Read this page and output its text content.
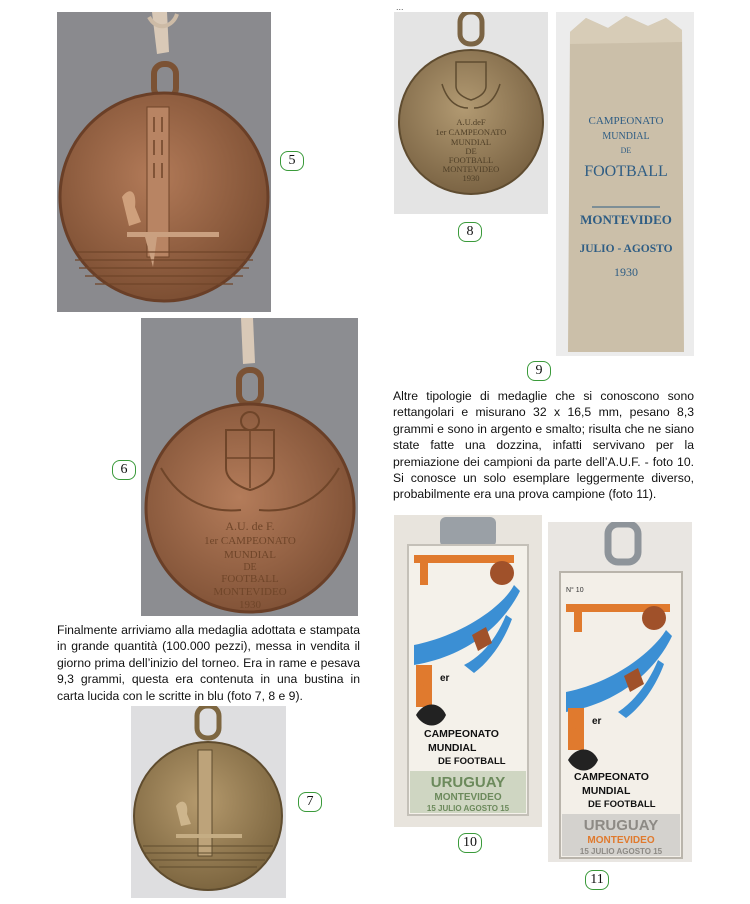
5
A.U. de F.
1er CAMPEONATO
MUNDIAL
DE
FOOTBALL
MONTEVIDEO
1930
6

Finalmente arriviamo alla medaglia adottata e stampata in grande quantità (100.000 pezzi), messa in vendita il giorno prima dell’inizio del torneo. Era in rame e pesava 9,3 grammi, questa era contenuta in una bustina in carta lucida con le scritte in blu (foto 7, 8 e 9).

7
...
A.U.deF
1er CAMPEONATO
MUNDIAL
DE
FOOTBALL
MONTEVIDEO
1930
8
CAMPEONATO
MUNDIAL
DE
FOOTBALL
MONTEVIDEO
JULIO - AGOSTO
1930
9

Altre tipologie di medaglie che si conoscono sono rettangolari e misurano 32 x 16,5 mm, pesano 8,3 grammi e sono in argento e smalto; risulta che ne siano state fatte una dozzina, infatti servivano per la premiazione dei campioni da parte dell’A.U.F. - foto 10. Si conosce un solo esemplare leggermente diverso, probabilmente era una prova campione (foto 11).

1 er
CAMPEONATO
MUNDIAL
DE FOOTBALL
URUGUAY
MONTEVIDEO
15 JULIO AGOSTO 15
10
N° 10
1 er
CAMPEONATO
MUNDIAL
DE FOOTBALL
URUGUAY
MONTEVIDEO
15 JULIO AGOSTO 15
11
